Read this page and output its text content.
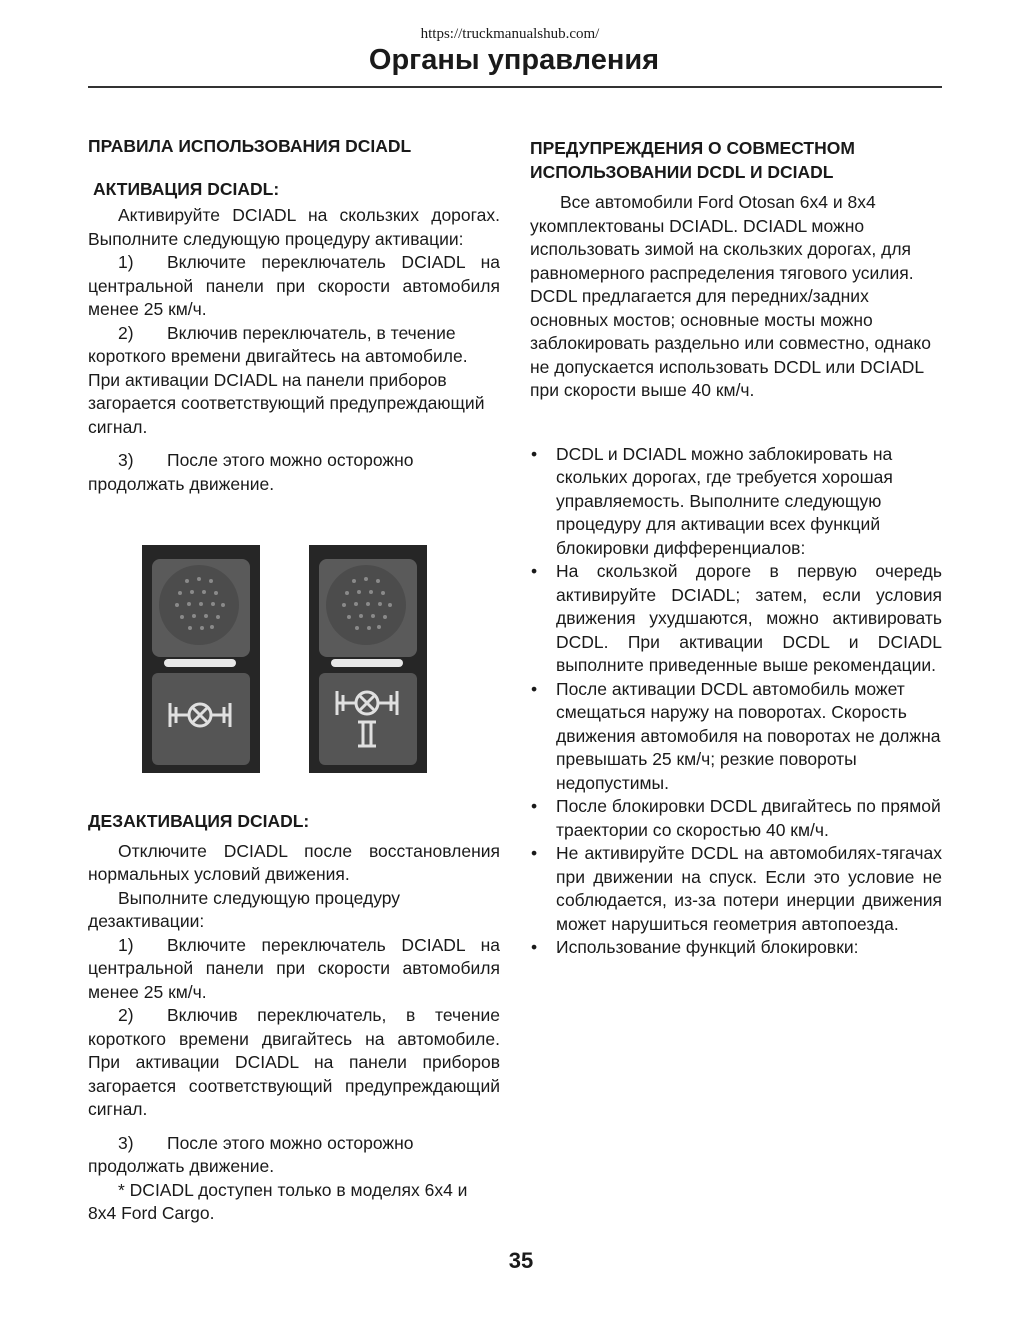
https://truckmanualshub.com/
Органы управления

ПРАВИЛА ИСПОЛЬЗОВАНИЯ DCIADL

АКТИВАЦИЯ DCIADL:

Активируйте DCIADL на скользких дорогах. Выполните следующую процедуру активации:

1)	Включите переключатель DCIADL на центральной панели при скорости автомобиля менее 25 км/ч.

2)	Включив переключатель, в течение короткого времени двигайтесь на автомобиле. При активации DCIADL на панели приборов загорается соответствующий предупреждающий сигнал.

3)	После этого можно осторожно продолжать движение.

ДЕЗАКТИВАЦИЯ DCIADL:

Отключите DCIADL после восстановления нормальных условий движения.

Выполните следующую процедуру дезактивации:

1)	Включите переключатель DCIADL на центральной панели при скорости автомобиля менее 25 км/ч.

2)	Включив переключатель, в течение короткого времени двигайтесь на автомобиле. При активации DCIADL на панели приборов загорается соответствующий предупреждающий сигнал.

3)	После этого можно осторожно продолжать движение.

* DCIADL доступен только в моделях 6x4 и 8x4 Ford Cargo.

ПРЕДУПРЕЖДЕНИЯ О СОВМЕСТНОМ ИСПОЛЬЗОВАНИИ DCDL И DCIADL

Все автомобили Ford Otosan 6x4 и 8x4 укомплектованы DCIADL. DCIADL можно использовать зимой на скользких дорогах, для равномерного распределения тягового усилия. DCDL предлагается для передних/задних основных мостов; основные мосты можно заблокировать раздельно или совместно, однако не допускается использовать DCDL или DCIADL при скорости выше 40 км/ч.

• DCDL и DCIADL можно заблокировать на скольких дорогах, где требуется хорошая управляемость. Выполните следующую процедуру для активации всех функций блокировки дифференциалов:
• На скользкой дороге в первую очередь активируйте DCIADL; затем, если условия движения ухудшаются, можно активировать DCDL. При активации DCDL и DCIADL выполните приведенные выше рекомендации.
• После активации DCDL автомобиль может смещаться наружу на поворотах. Скорость движения автомобиля на поворотах не должна превышать 25 км/ч; резкие повороты недопустимы.
• После блокировки DCDL двигайтесь по прямой траектории со скоростью 40 км/ч.
• Не активируйте DCDL на автомобилях-тягачах при движении на спуск. Если это условие не соблюдается, из-за потери инерции движения может нарушиться геометрия автопоезда.
• Использование функций блокировки:
35
